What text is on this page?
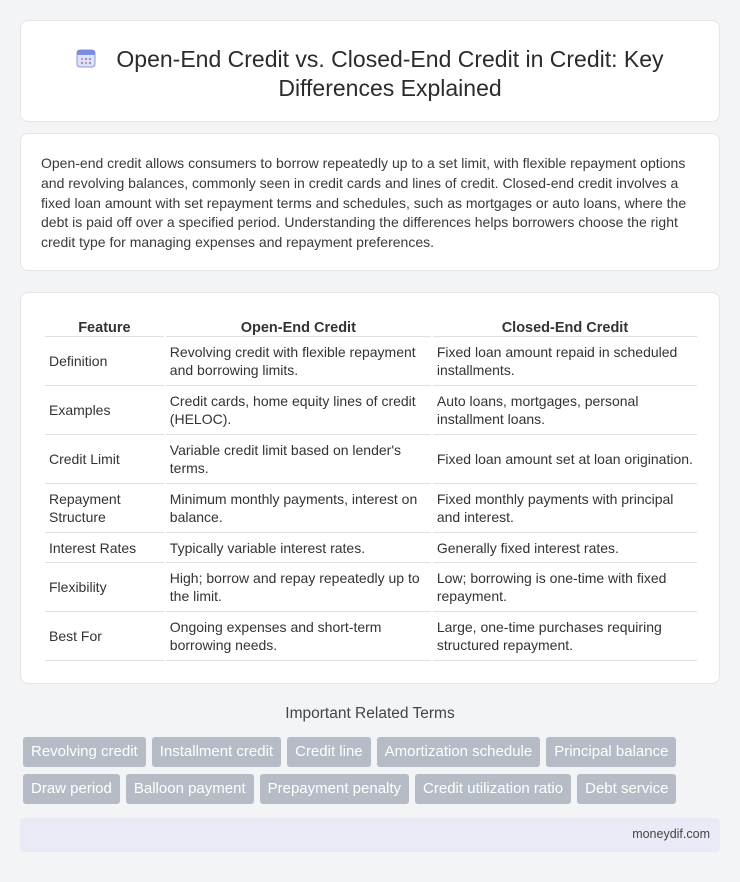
Open-End Credit vs. Closed-End Credit in Credit: Key Differences Explained

Open-end credit allows consumers to borrow repeatedly up to a set limit, with flexible repayment options and revolving balances, commonly seen in credit cards and lines of credit. Closed-end credit involves a fixed loan amount with set repayment terms and schedules, such as mortgages or auto loans, where the debt is paid off over a specified period. Understanding the differences helps borrowers choose the right credit type for managing expenses and repayment preferences.

Feature	Open-End Credit	Closed-End Credit
Definition	Revolving credit with flexible repayment and borrowing limits.	Fixed loan amount repaid in scheduled installments.
Examples	Credit cards, home equity lines of credit (HELOC).	Auto loans, mortgages, personal installment loans.
Credit Limit	Variable credit limit based on lender's terms.	Fixed loan amount set at loan origination.
Repayment Structure	Minimum monthly payments, interest on balance.	Fixed monthly payments with principal and interest.
Interest Rates	Typically variable interest rates.	Generally fixed interest rates.
Flexibility	High; borrow and repay repeatedly up to the limit.	Low; borrowing is one-time with fixed repayment.
Best For	Ongoing expenses and short-term borrowing needs.	Large, one-time purchases requiring structured repayment.
Important Related Terms
Revolving credit	Installment credit	Credit line	Amortization schedule	Principal balance
Draw period	Balloon payment	Prepayment penalty	Credit utilization ratio	Debt service
moneydif.com
